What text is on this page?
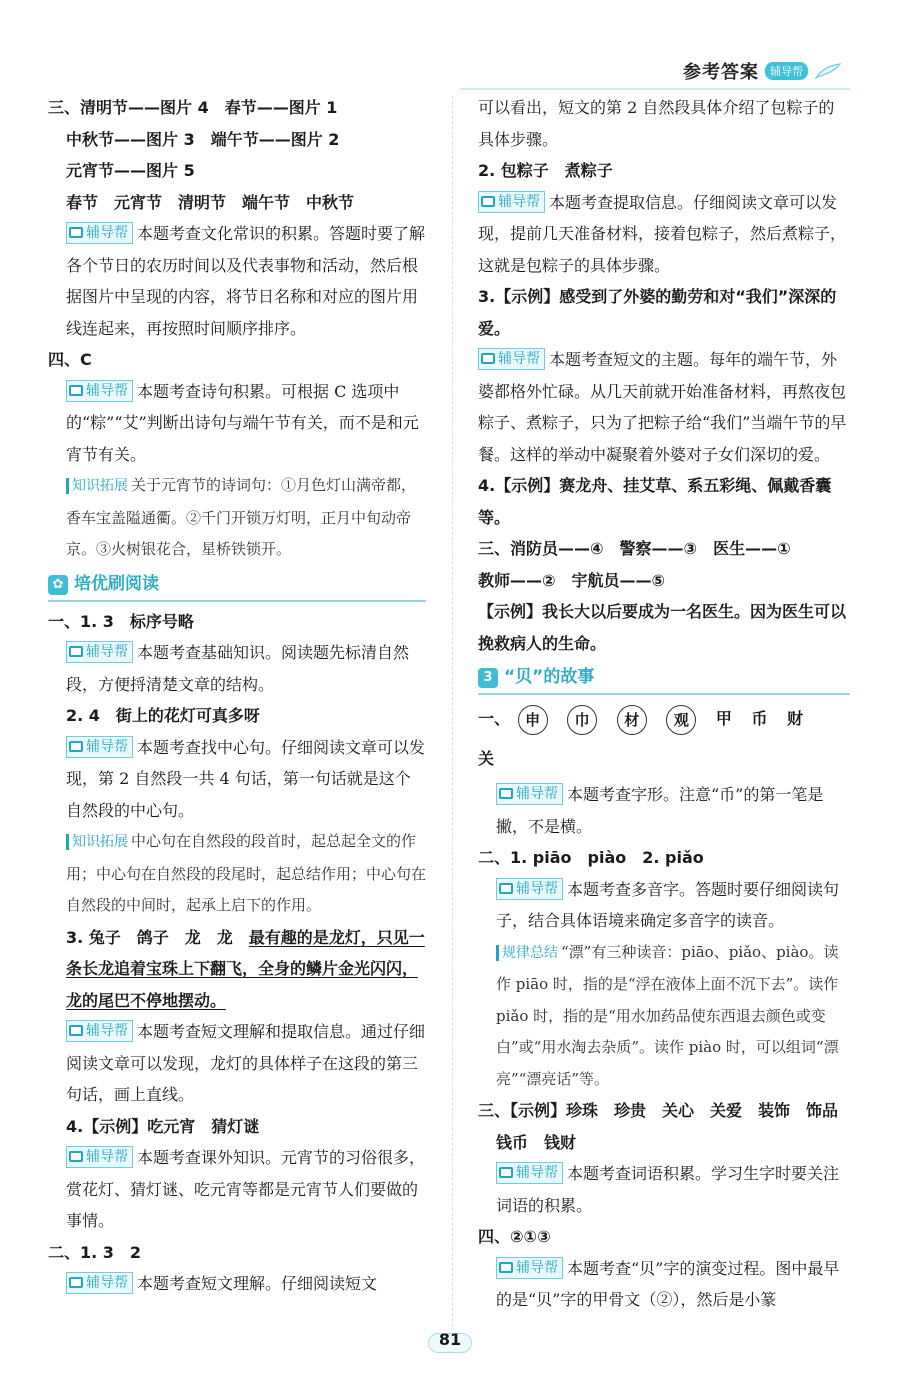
参考答案	辅导帮

三、清明节——图片 4　春节——图片 1

中秋节——图片 3　端午节——图片 2

元宵节——图片 5

春节　元宵节　清明节　端午节　中秋节

辅导帮 本题考查文化常识的积累。答题时要了解各个节日的农历时间以及代表事物和活动，然后根据图片中呈现的内容，将节日名称和对应的图片用线连起来，再按照时间顺序排序。

四、C

辅导帮 本题考查诗句积累。可根据 C 选项中的“粽”“艾”判断出诗句与端午节有关，而不是和元宵节有关。

知识拓展 关于元宵节的诗词句：①月色灯山满帝都，香车宝盖隘通衢。②千门开锁万灯明，正月中旬动帝京。③火树银花合，星桥铁锁开。

✿ 培优刷阅读

一、1. 3　标序号略

辅导帮 本题考查基础知识。阅读题先标清自然段，方便捋清楚文章的结构。

2. 4　街上的花灯可真多呀

辅导帮 本题考查找中心句。仔细阅读文章可以发现，第 2 自然段一共 4 句话，第一句话就是这个自然段的中心句。

知识拓展 中心句在自然段的段首时，起总起全文的作用；中心句在自然段的段尾时，起总结作用；中心句在自然段的中间时，起承上启下的作用。

3. 兔子　鸽子　龙　龙　最有趣的是龙灯，只见一条长龙追着宝珠上下翻飞，全身的鳞片金光闪闪，龙的尾巴不停地摆动。

辅导帮 本题考查短文理解和提取信息。通过仔细阅读文章可以发现，龙灯的具体样子在这段的第三句话，画上直线。

4.【示例】吃元宵　猜灯谜

辅导帮 本题考查课外知识。元宵节的习俗很多，赏花灯、猜灯谜、吃元宵等都是元宵节人们要做的事情。

二、1. 3　2

辅导帮 本题考查短文理解。仔细阅读短文

可以看出，短文的第 2 自然段具体介绍了包粽子的具体步骤。

2. 包粽子　煮粽子

辅导帮 本题考查提取信息。仔细阅读文章可以发现，提前几天准备材料，接着包粽子，然后煮粽子，这就是包粽子的具体步骤。

3.【示例】感受到了外婆的勤劳和对“我们”深深的爱。

辅导帮 本题考查短文的主题。每年的端午节，外婆都格外忙碌。从几天前就开始准备材料，再熬夜包粽子、煮粽子，只为了把粽子给“我们”当端午节的早餐。这样的举动中凝聚着外婆对子女们深切的爱。

4.【示例】赛龙舟、挂艾草、系五彩绳、佩戴香囊等。

三、消防员——④　警察——③　医生——①

教师——②　宇航员——⑤

【示例】我长大以后要成为一名医生。因为医生可以挽救病人的生命。

3 “贝”的故事

一、 申 巾 材 观 甲 币 财 关

辅导帮 本题考查字形。注意“币”的第一笔是撇，不是横。

二、1. piāo　piào　2. piǎo

辅导帮 本题考查多音字。答题时要仔细阅读句子，结合具体语境来确定多音字的读音。

规律总结 “漂”有三种读音：piāo、piǎo、piào。读作 piāo 时，指的是“浮在液体上面不沉下去”。读作 piǎo 时，指的是“用水加药品使东西退去颜色或变白”或“用水淘去杂质”。读作 piào 时，可以组词“漂亮”“漂亮话”等。

三、【示例】珍珠　珍贵　关心　关爱　装饰　饰品

钱币　钱财

辅导帮 本题考查词语积累。学习生字时要关注词语的积累。

四、②①③

辅导帮 本题考查“贝”字的演变过程。图中最早的是“贝”字的甲骨文（②），然后是小篆

81
